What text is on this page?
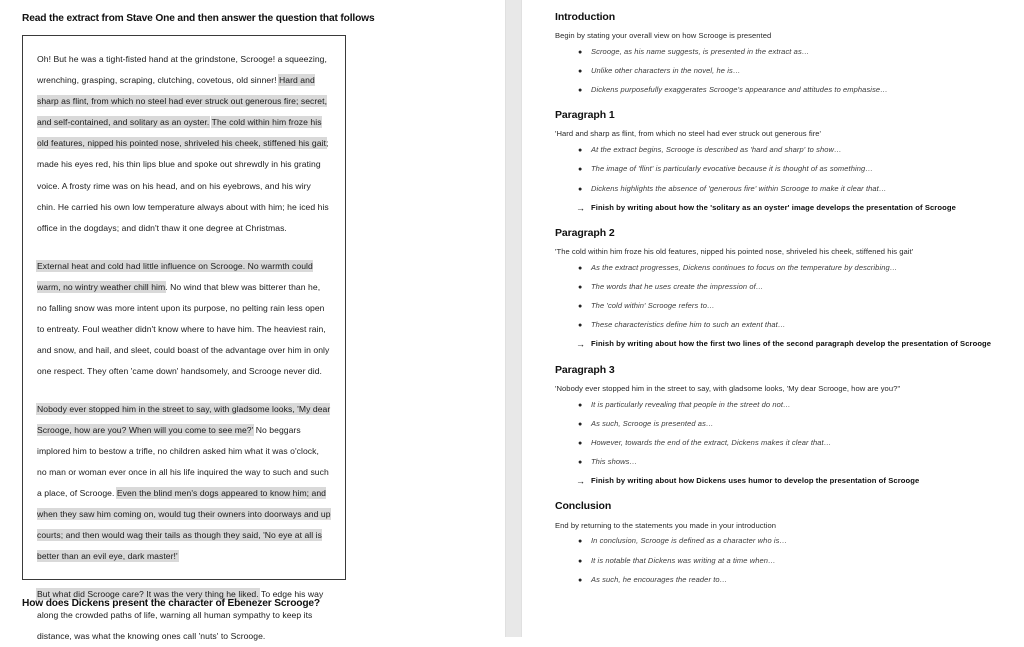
Read the extract from Stave One and then answer the question that follows

Oh! But he was a tight-fisted hand at the grindstone, Scrooge! a squeezing, wrenching, grasping, scraping, clutching, covetous, old sinner! Hard and sharp as flint, from which no steel had ever struck out generous fire; secret, and self-contained, and solitary as an oyster. The cold within him froze his old features, nipped his pointed nose, shriveled his cheek, stiffened his gait; made his eyes red, his thin lips blue and spoke out shrewdly in his grating voice. A frosty rime was on his head, and on his eyebrows, and his wiry chin. He carried his own low temperature always about with him; he iced his office in the dogdays; and didn't thaw it one degree at Christmas.

External heat and cold had little influence on Scrooge. No warmth could warm, no wintry weather chill him. No wind that blew was bitterer than he, no falling snow was more intent upon its purpose, no pelting rain less open to entreaty. Foul weather didn't know where to have him. The heaviest rain, and snow, and hail, and sleet, could boast of the advantage over him in only one respect. They often 'came down' handsomely, and Scrooge never did.

Nobody ever stopped him in the street to say, with gladsome looks, 'My dear Scrooge, how are you? When will you come to see me?' No beggars implored him to bestow a trifle, no children asked him what it was o'clock, no man or woman ever once in all his life inquired the way to such and such a place, of Scrooge. Even the blind men's dogs appeared to know him; and when they saw him coming on, would tug their owners into doorways and up courts; and then would wag their tails as though they said, 'No eye at all is better than an evil eye, dark master!'

But what did Scrooge care? It was the very thing he liked. To edge his way along the crowded paths of life, warning all human sympathy to keep its distance, was what the knowing ones call 'nuts' to Scrooge.

How does Dickens present the character of Ebenezer Scrooge?
Introduction
Begin by stating your overall view on how Scrooge is presented
● Scrooge, as his name suggests, is presented in the extract as…
● Unlike other characters in the novel, he is…
● Dickens purposefully exaggerates Scrooge's appearance and attitudes to emphasise…
Paragraph 1
'Hard and sharp as flint, from which no steel had ever struck out generous fire'
● At the extract begins, Scrooge is described as 'hard and sharp' to show…
● The image of 'flint' is particularly evocative because it is thought of as something…
● Dickens highlights the absence of 'generous fire' within Scrooge to make it clear that…
→ Finish by writing about how the 'solitary as an oyster' image develops the presentation of Scrooge
Paragraph 2
'The cold within him froze his old features, nipped his pointed nose, shriveled his cheek, stiffened his gait'
● As the extract progresses, Dickens continues to focus on the temperature by describing…
● The words that he uses create the impression of…
● The 'cold within' Scrooge refers to…
● These characteristics define him to such an extent that…
→ Finish by writing about how the first two lines of the second paragraph develop the presentation of Scrooge
Paragraph 3
'Nobody ever stopped him in the street to say, with gladsome looks, 'My dear Scrooge, how are you?''
● It is particularly revealing that people in the street do not…
● As such, Scrooge is presented as…
● However, towards the end of the extract, Dickens makes it clear that…
● This shows…
→ Finish by writing about how Dickens uses humor to develop the presentation of Scrooge
Conclusion
End by returning to the statements you made in your introduction
● In conclusion, Scrooge is defined as a character who is…
● It is notable that Dickens was writing at a time when…
● As such, he encourages the reader to…
